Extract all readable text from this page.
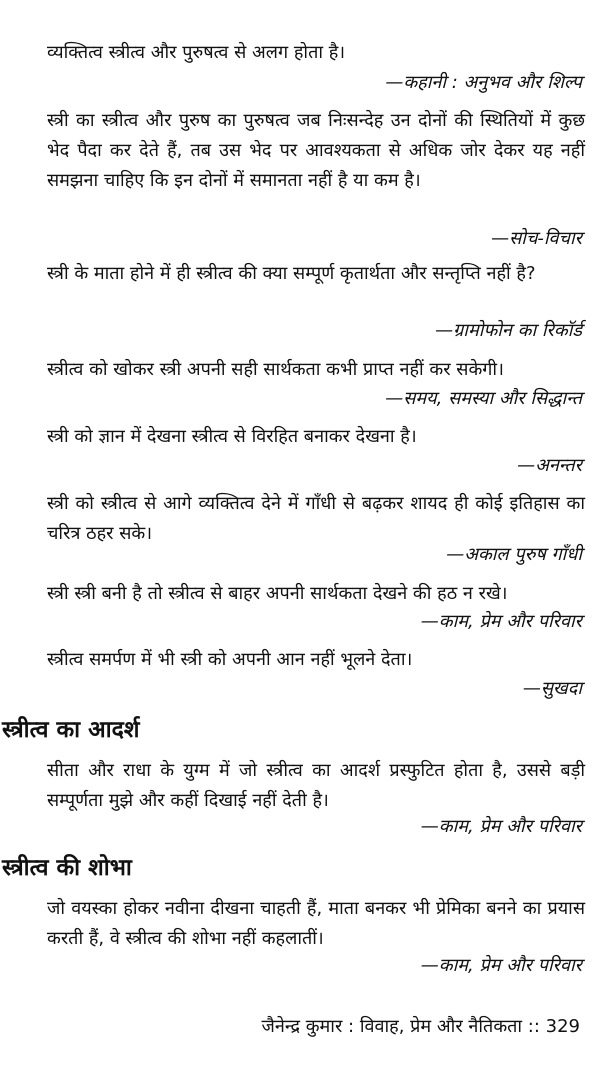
व्यक्तित्व स्त्रीत्व और पुरुषत्व से अलग होता है।

—कहानी : अनुभव और शिल्प

स्त्री का स्त्रीत्व और पुरुष का पुरुषत्व जब निःसन्देह उन दोनों की स्थितियों में कुछ भेद पैदा कर देते हैं, तब उस भेद पर आवश्यकता से अधिक जोर देकर यह नहीं समझना चाहिए कि इन दोनों में समानता नहीं है या कम है।

—सोच-विचार

स्त्री के माता होने में ही स्त्रीत्व की क्या सम्पूर्ण कृतार्थता और सन्तृप्ति नहीं है?

—ग्रामोफोन का रिकॉर्ड

स्त्रीत्व को खोकर स्त्री अपनी सही सार्थकता कभी प्राप्त नहीं कर सकेगी।

—समय, समस्या और सिद्धान्त

स्त्री को ज्ञान में देखना स्त्रीत्व से विरहित बनाकर देखना है।

—अनन्तर

स्त्री को स्त्रीत्व से आगे व्यक्तित्व देने में गाँधी से बढ़कर शायद ही कोई इतिहास का चरित्र ठहर सके।

—अकाल पुरुष गाँधी

स्त्री स्त्री बनी है तो स्त्रीत्व से बाहर अपनी सार्थकता देखने की हठ न रखे।

—काम, प्रेम और परिवार

स्त्रीत्व समर्पण में भी स्त्री को अपनी आन नहीं भूलने देता।

—सुखदा

स्त्रीत्व का आदर्श

सीता और राधा के युग्म में जो स्त्रीत्व का आदर्श प्रस्फुटित होता है, उससे बड़ी सम्पूर्णता मुझे और कहीं दिखाई नहीं देती है।

—काम, प्रेम और परिवार

स्त्रीत्व की शोभा

जो वयस्का होकर नवीना दीखना चाहती हैं, माता बनकर भी प्रेमिका बनने का प्रयास करती हैं, वे स्त्रीत्व की शोभा नहीं कहलातीं।

—काम, प्रेम और परिवार

जैनेन्द्र कुमार : विवाह, प्रेम और नैतिकता :: 329
